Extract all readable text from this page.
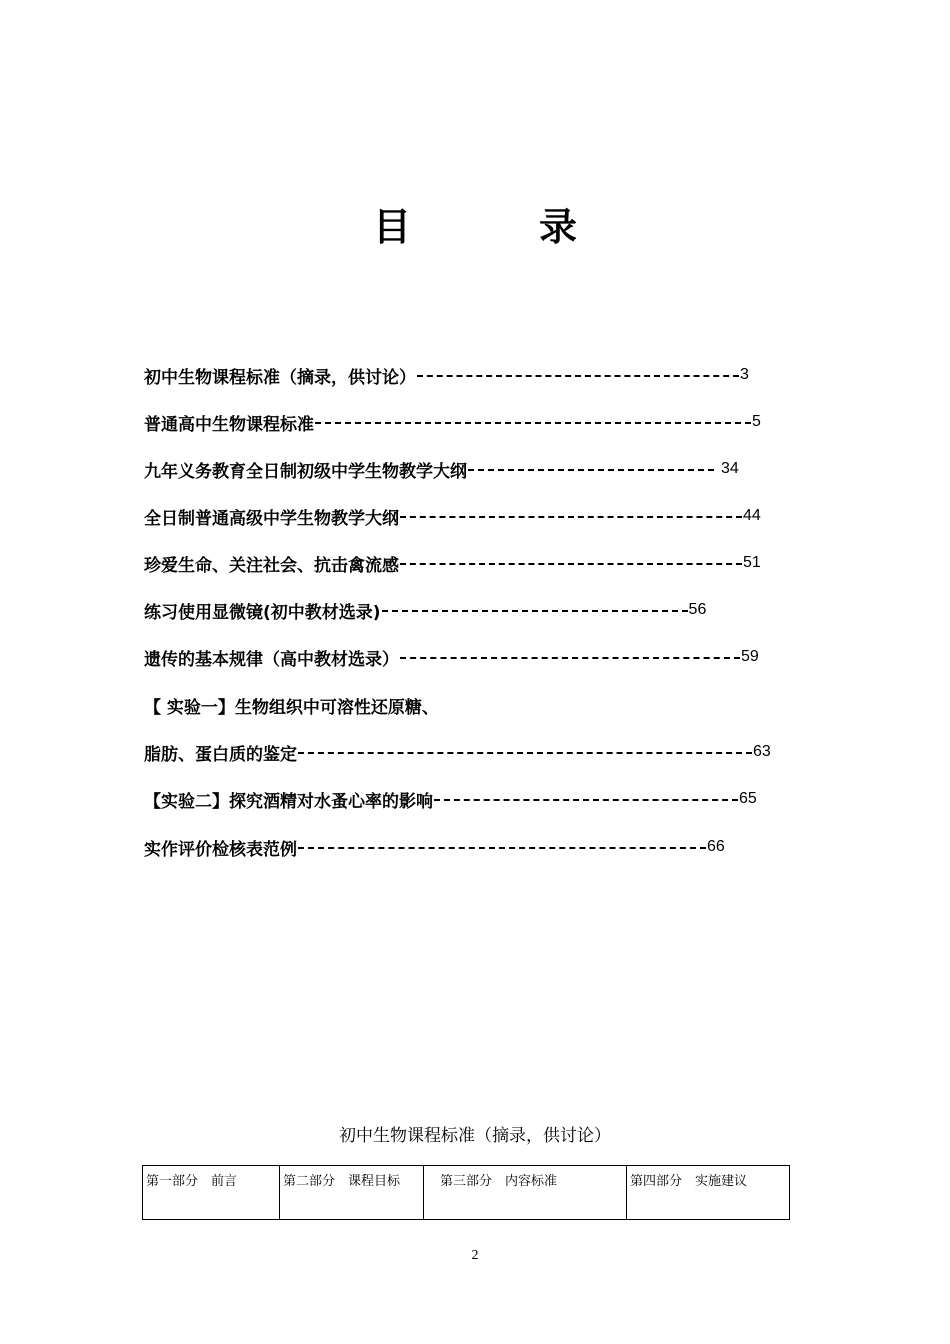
目	录
初中生物课程标准（摘录，供讨论）	3
普通高中生物课程标准	5
九年义务教育全日制初级中学生物教学大纲	34
全日制普通高级中学生物教学大纲	44
珍爱生命、关注社会、抗击禽流感	51
练习使用显微镜(初中教材选录)	56
遗传的基本规律（高中教材选录）	59
【 实验一】生物组织中可溶性还原糖、
脂肪、蛋白质的鉴定	63
【实验二】探究酒精对水蚤心率的影响	65
实作评价检核表范例	66
初中生物课程标准（摘录，供讨论）
第一部分　前言	第二部分　课程目标	　第三部分　内容标准	第四部分　实施建议
2
